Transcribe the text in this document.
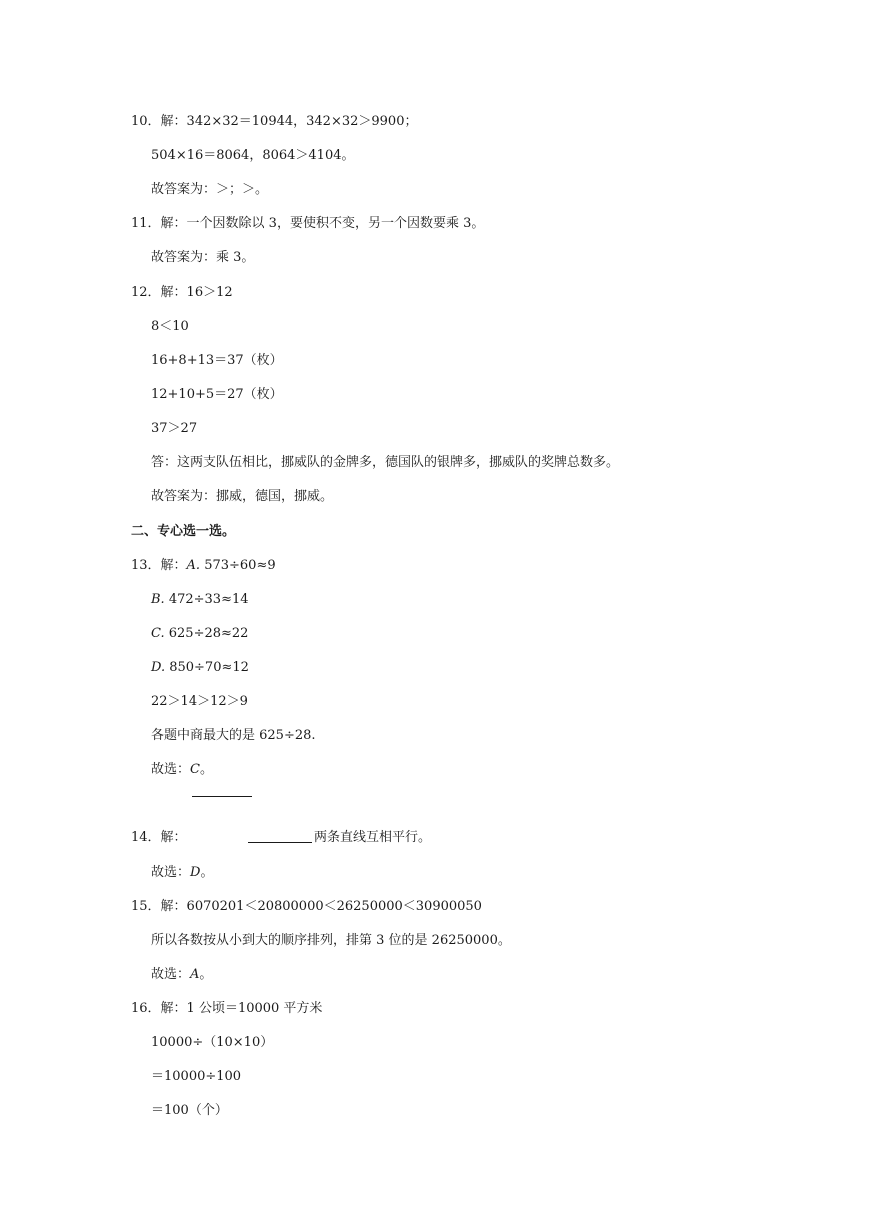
10．解：342×32＝10944，342×32＞9900；
504×16＝8064，8064＞4104。
故答案为：＞；＞。
11．解：一个因数除以 3，要使积不变，另一个因数要乘 3。
故答案为：乘 3。
12．解：16＞12
8＜10
16+8+13＝37（枚）
12+10+5＝27（枚）
37＞27
答：这两支队伍相比，挪威队的金牌多，德国队的银牌多，挪威队的奖牌总数多。
故答案为：挪威，德国，挪威。
二、专心选一选。
13．解：A. 573÷60≈9
B. 472÷33≈14
C. 625÷28≈22
D. 850÷70≈12
22＞14＞12＞9
各题中商最大的是 625÷28.
故选：C。
14．解：	两条直线互相平行。
故选：D。
15．解：6070201＜20800000＜26250000＜30900050
所以各数按从小到大的顺序排列，排第 3 位的是 26250000。
故选：A。
16．解：1 公顷＝10000 平方米
10000÷（10×10）
＝10000÷100
＝100（个）
